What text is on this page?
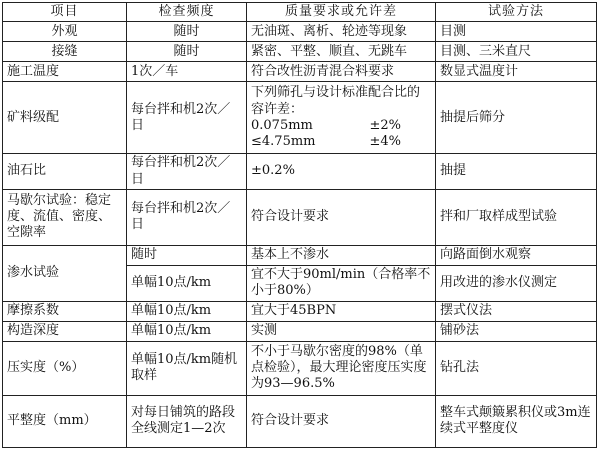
项目	检查频度	质量要求或允许差	试验方法
外观	随时	无油斑、离析、轮迹等现象	目测
接缝	随时	紧密、平整、顺直、无跳车	目测、三米直尺
施工温度	1次／车	符合改性沥青混合料要求	数显式温度计
矿料级配	每台拌和机2次／日	下列筛孔与设计标准配合比的容许差：
0.075mm ±2%
≤4.75mm ±4%	抽提后筛分
油石比	每台拌和机2次／日	±0.2%	抽提
马歇尔试验：稳定度、流值、密度、空隙率	每台拌和机2次／日	符合设计要求	拌和厂取样成型试验
渗水试验	随时	基本上不渗水	向路面倒水观察
	单幅10点/km	宜不大于90ml/min（合格率不小于80%）	用改进的渗水仪测定
摩擦系数	单幅10点/km	宜大于45BPN	摆式仪法
构造深度	单幅10点/km	实测	铺砂法
压实度（%）	单幅10点/km随机取样	不小于马歇尔密度的98%（单点检验），最大理论密度压实度为93—96.5%	钻孔法
平整度（mm）	对每日铺筑的路段全线测定1—2次	符合设计要求	整车式颠簸累积仪或3m连续式平整度仪
